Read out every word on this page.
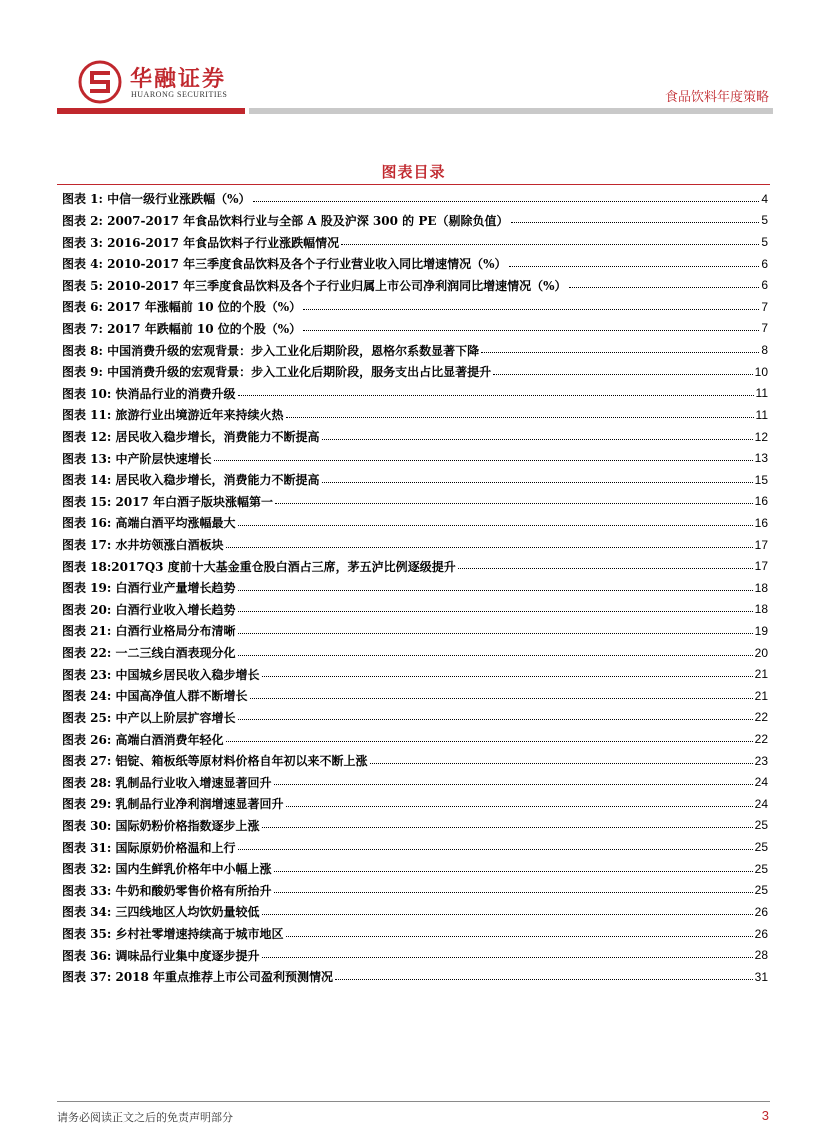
华融证券
HUARONG SECURITIES	食品饮料年度策略
图表目录
图表 1: 中信一级行业涨跌幅（%）	4
图表 2: 2007-2017 年食品饮料行业与全部 A 股及沪深 300 的 PE（剔除负值）	5
图表 3: 2016-2017 年食品饮料子行业涨跌幅情况	5
图表 4: 2010-2017 年三季度食品饮料及各个子行业营业收入同比增速情况（%）	6
图表 5: 2010-2017 年三季度食品饮料及各个子行业归属上市公司净利润同比增速情况（%）	6
图表 6: 2017 年涨幅前 10 位的个股（%）	7
图表 7: 2017 年跌幅前 10 位的个股（%）	7
图表 8: 中国消费升级的宏观背景：步入工业化后期阶段，恩格尔系数显著下降	8
图表 9: 中国消费升级的宏观背景：步入工业化后期阶段，服务支出占比显著提升	10
图表 10: 快消品行业的消费升级	11
图表 11: 旅游行业出境游近年来持续火热	11
图表 12: 居民收入稳步增长，消费能力不断提高	12
图表 13: 中产阶层快速增长	13
图表 14: 居民收入稳步增长，消费能力不断提高	15
图表 15: 2017 年白酒子版块涨幅第一	16
图表 16: 高端白酒平均涨幅最大	16
图表 17: 水井坊领涨白酒板块	17
图表 18:2017Q3 度前十大基金重仓股白酒占三席，茅五泸比例逐级提升	17
图表 19: 白酒行业产量增长趋势	18
图表 20: 白酒行业收入增长趋势	18
图表 21: 白酒行业格局分布清晰	19
图表 22: 一二三线白酒表现分化	20
图表 23: 中国城乡居民收入稳步增长	21
图表 24: 中国高净值人群不断增长	21
图表 25: 中产以上阶层扩容增长	22
图表 26: 高端白酒消费年轻化	22
图表 27: 铝锭、箱板纸等原材料价格自年初以来不断上涨	23
图表 28: 乳制品行业收入增速显著回升	24
图表 29: 乳制品行业净利润增速显著回升	24
图表 30: 国际奶粉价格指数逐步上涨	25
图表 31: 国际原奶价格温和上行	25
图表 32: 国内生鲜乳价格年中小幅上涨	25
图表 33: 牛奶和酸奶零售价格有所抬升	25
图表 34: 三四线地区人均饮奶量较低	26
图表 35: 乡村社零增速持续高于城市地区	26
图表 36: 调味品行业集中度逐步提升	28
图表 37: 2018 年重点推荐上市公司盈利预测情况	31
请务必阅读正文之后的免责声明部分	3
